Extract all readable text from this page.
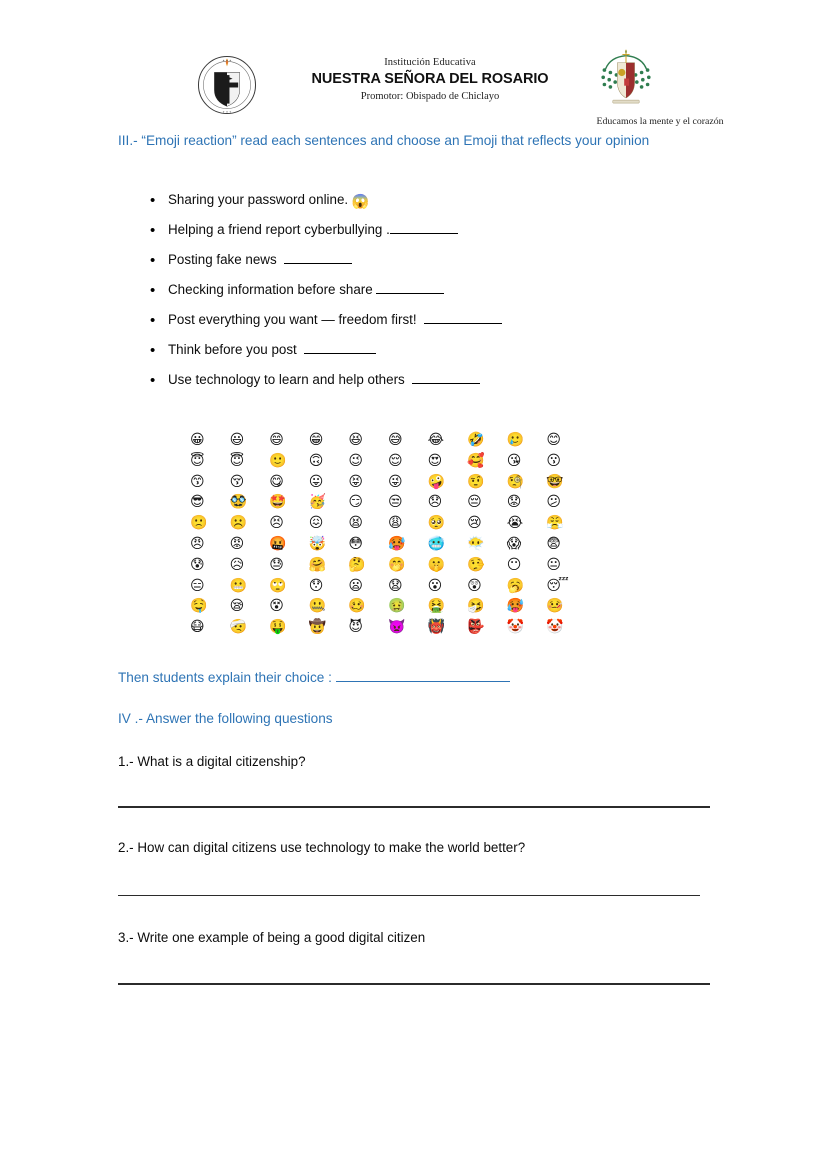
✦ ✦ ✦
✦ ✦ ✦
Institución Educativa
NUESTRA SEÑORA DEL ROSARIO
Promotor: Obispado de Chiclayo
Educamos la mente y el corazón
III.- “Emoji reaction” read each sentences and choose an Emoji that reflects your opinion
• Sharing your password online. 😱
• Helping a friend report cyberbullying .
• Posting fake news
• Checking information before share
• Post everything you want — freedom first!
• Think before you post
• Use technology to learn and help others
😀	😃	😄	😁	😆	😅	😂	🤣	🥲	😊
😇	😇	🙂	🙃	😉	😌	😍	🥰	😘	😗
😙	😚	😋	😛	😝	😜	🤪	🤨	🧐	🤓
😎	🥸	🤩	🥳	😏	😒	😞	😔	😟	😕
🙁	☹️	😣	😖	😫	😩	🥺	😢	😭	😤
😠	😡	🤬	🤯	😳	🥵	🥶	😶‍🌫️	😱	😨
😰	😥	😓	🤗	🤔	🤭	🤫	🤥	😶	😐
😑	😬	🙄	😯	😦	😧	😮	😲	🥱	😴
🤤	😪	😵	🤐	🥴	🤢	🤮	🤧	🥵	🤒
😷	🤕	🤑	🤠	😈	👿	👹	👺	🤡	🤡
Then students explain their choice :
IV .- Answer the following questions
1.- What is a digital citizenship?
2.- How can digital citizens use technology to make the world better?
3.- Write one example of being a good digital citizen
